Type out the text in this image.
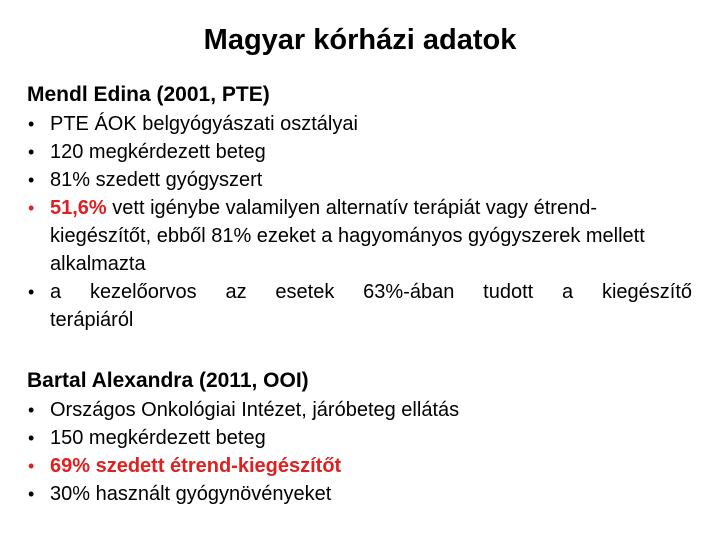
Magyar kórházi adatok

Mendl Edina (2001, PTE)

• PTE ÁOK belgyógyászati osztályai
• 120 megkérdezett beteg
• 81% szedett gyógyszert
• 51,6% vett igénybe valamilyen alternatív terápiát vagy étrend-kiegészítőt, ebből 81% ezeket a hagyományos gyógyszerek mellett alkalmazta
• a kezelőorvos az esetek 63%-ában tudott a kiegészítő
terápiáról

Bartal Alexandra (2011, OOI)

• Országos Onkológiai Intézet, járóbeteg ellátás
• 150 megkérdezett beteg
• 69% szedett étrend-kiegészítőt
• 30% használt gyógynövényeket
